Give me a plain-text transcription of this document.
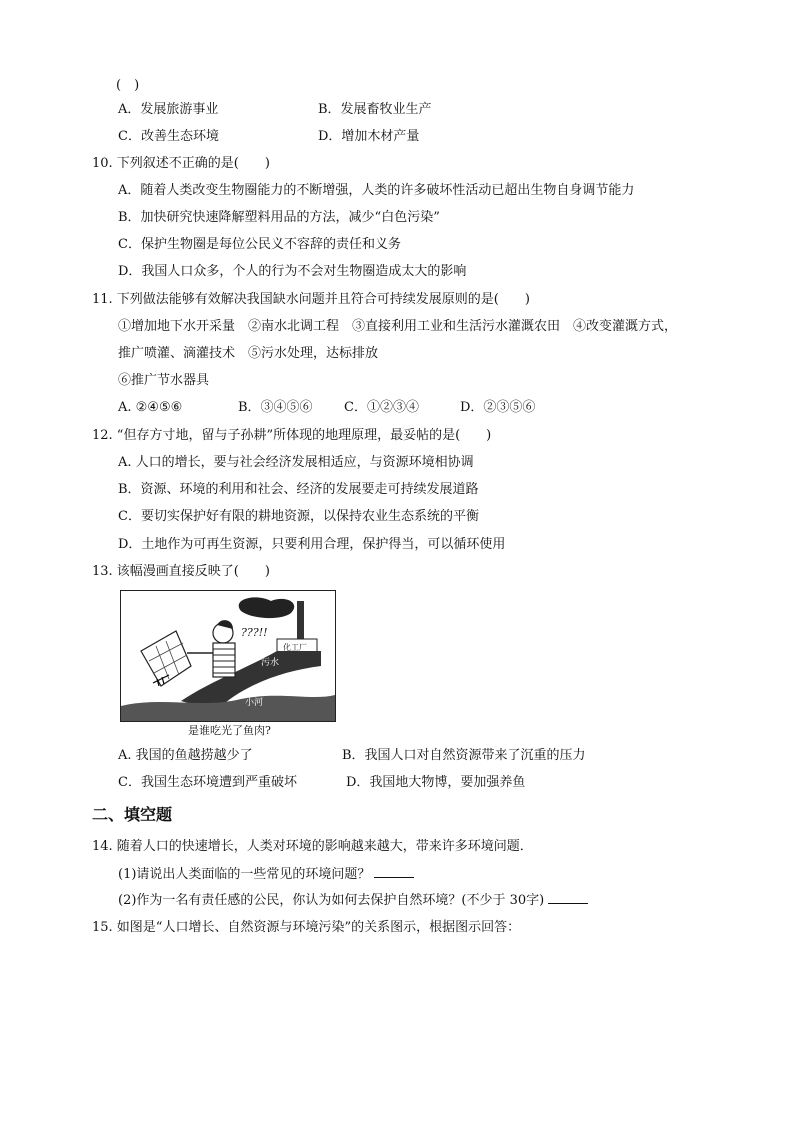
(　)
A．发展旅游事业	B．发展畜牧业生产
C．改善生态环境	D．增加木材产量
10. 下列叙述不正确的是(　　)
A．随着人类改变生物圈能力的不断增强，人类的许多破坏性活动已超出生物自身调节能力
B．加快研究快速降解塑料用品的方法，减少“白色污染”
C．保护生物圈是每位公民义不容辞的责任和义务
D．我国人口众多，个人的行为不会对生物圈造成太大的影响
11. 下列做法能够有效解决我国缺水问题并且符合可持续发展原则的是(　　)
①增加地下水开采量　②南水北调工程　③直接利用工业和生活污水灌溉农田　④改变灌溉方式，
推广喷灌、滴灌技术　⑤污水处理，达标排放
⑥推广节水器具
A. ②④⑤⑥	B．③④⑤⑥ C．①②③④	D．②③⑤⑥
12. “但存方寸地，留与子孙耕”所体现的地理原理，最妥帖的是(　　)
A. 人口的增长，要与社会经济发展相适应，与资源环境相协调
B．资源、环境的利用和社会、经济的发展要走可持续发展道路
C．要切实保护好有限的耕地资源，以保持农业生态系统的平衡
D．土地作为可再生资源，只要利用合理，保护得当，可以循环使用
13. 该幅漫画直接反映了(　　)
???!!
化工厂
污水
小河
是谁吃光了鱼肉?
A. 我国的鱼越捞越少了	B．我国人口对自然资源带来了沉重的压力
C．我国生态环境遭到严重破坏	D．我国地大物博，要加强养鱼
二、填空题
14. 随着人口的快速增长，人类对环境的影响越来越大，带来许多环境问题．
(1)请说出人类面临的一些常见的环境问题？
(2)作为一名有责任感的公民，你认为如何去保护自然环境？(不少于 30字)
15. 如图是“人口增长、自然资源与环境污染”的关系图示，根据图示回答：
